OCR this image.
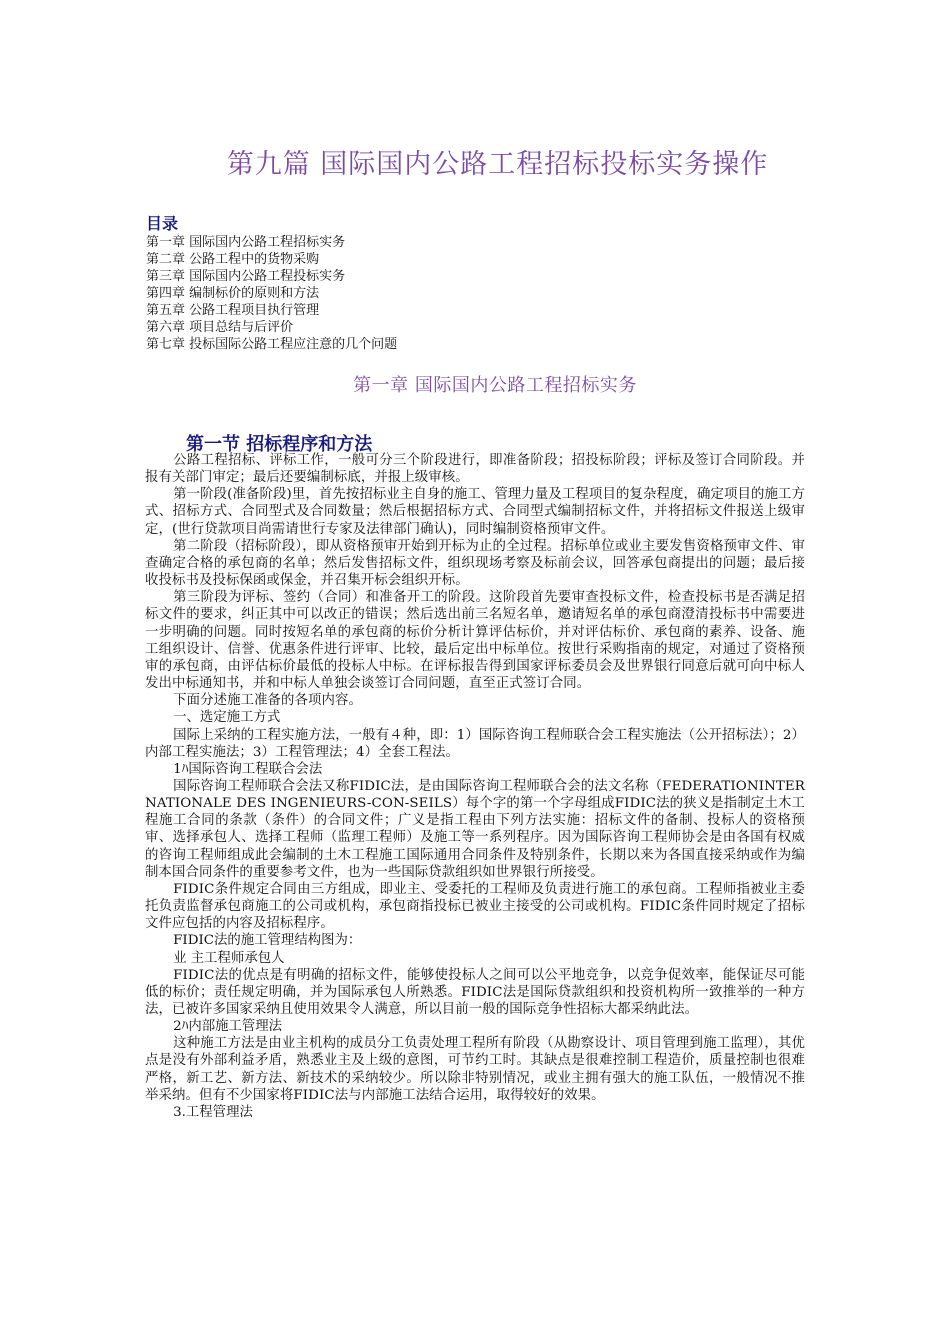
第九篇 国际国内公路工程招标投标实务操作
目录

第一章 国际国内公路工程招标实务

第二章 公路工程中的货物采购

第三章 国际国内公路工程投标实务

第四章 编制标价的原则和方法

第五章 公路工程项目执行管理

第六章 项目总结与后评价

第七章 投标国际公路工程应注意的几个问题

第一章 国际国内公路工程招标实务
第一节 招标程序和方法

公路工程招标、评标工作，一般可分三个阶段进行，即准备阶段；招投标阶段；评标及签订合同阶段。并报有关部门审定；最后还要编制标底，并报上级审核。

第一阶段(准备阶段)里，首先按招标业主自身的施工、管理力量及工程项目的复杂程度，确定项目的施工方式、招标方式、合同型式及合同数量；然后根据招标方式、合同型式编制招标文件，并将招标文件报送上级审定，(世行贷款项目尚需请世行专家及法律部门确认)，同时编制资格预审文件。

第二阶段（招标阶段），即从资格预审开始到开标为止的全过程。招标单位或业主要发售资格预审文件、审查确定合格的承包商的名单；然后发售招标文件，组织现场考察及标前会议，回答承包商提出的问题；最后接收投标书及投标保函或保金，并召集开标会组织开标。

第三阶段为评标、签约（合同）和准备开工的阶段。这阶段首先要审查投标文件，检查投标书是否满足招标文件的要求，纠正其中可以改正的错误；然后选出前三名短名单，邀请短名单的承包商澄清投标书中需要进一步明确的问题。同时按短名单的承包商的标价分析计算评估标价，并对评估标价、承包商的素养、设备、施工组织设计、信誉、优惠条件进行评审、比较，最后定出中标单位。按世行采购指南的规定，对通过了资格预审的承包商，由评估标价最低的投标人中标。在评标报告得到国家评标委员会及世界银行同意后就可向中标人发出中标通知书，并和中标人单独会谈签订合同问题，直至正式签订合同。

下面分述施工准备的各项内容。

一、选定施工方式

国际上采纳的工程实施方法，一般有４种，即：1）国际咨询工程师联合会工程实施法（公开招标法）；2）内部工程实施法；3）工程管理法；4）全套工程法。

1ﾊ国际咨询工程联合会法

国际咨询工程师联合会法又称FIDIC法，是由国际咨询工程师联合会的法文名称（FEDERATIONINTERNATIONALE DES INGENIEURS-CON-SEILS）每个字的第一个字母组成FIDIC法的狭义是指制定土木工程施工合同的条款（条件）的合同文件；广义是指工程由下列方法实施：招标文件的备制、投标人的资格预审、选择承包人、选择工程师（监理工程师）及施工等一系列程序。因为国际咨询工程师协会是由各国有权威的咨询工程师组成此会编制的土木工程施工国际通用合同条件及特别条件，长期以来为各国直接采纳或作为编制本国合同条件的重要参考文件，也为一些国际贷款组织如世界银行所接受。

FIDIC条件规定合同由三方组成，即业主、受委托的工程师及负责进行施工的承包商。工程师指被业主委托负责监督承包商施工的公司或机构，承包商指投标已被业主接受的公司或机构。FIDIC条件同时规定了招标文件应包括的内容及招标程序。

FIDIC法的施工管理结构图为：

业 主工程师承包人

FIDIC法的优点是有明确的招标文件，能够使投标人之间可以公平地竞争，以竞争促效率，能保证尽可能低的标价；责任规定明确，并为国际承包人所熟悉。FIDIC法是国际贷款组织和投资机构所一致推举的一种方法，已被许多国家采纳且使用效果令人满意，所以目前一般的国际竞争性招标大都采纳此法。

2ﾊ内部施工管理法

这种施工方法是由业主机构的成员分工负责处理工程所有阶段（从勘察设计、项目管理到施工监理），其优点是没有外部利益矛盾，熟悉业主及上级的意图，可节约工时。其缺点是很难控制工程造价，质量控制也很难严格，新工艺、新方法、新技术的采纳较少。所以除非特别情况，或业主拥有强大的施工队伍，一般情况不推举采纳。但有不少国家将FIDIC法与内部施工法结合运用，取得较好的效果。

3.工程管理法
